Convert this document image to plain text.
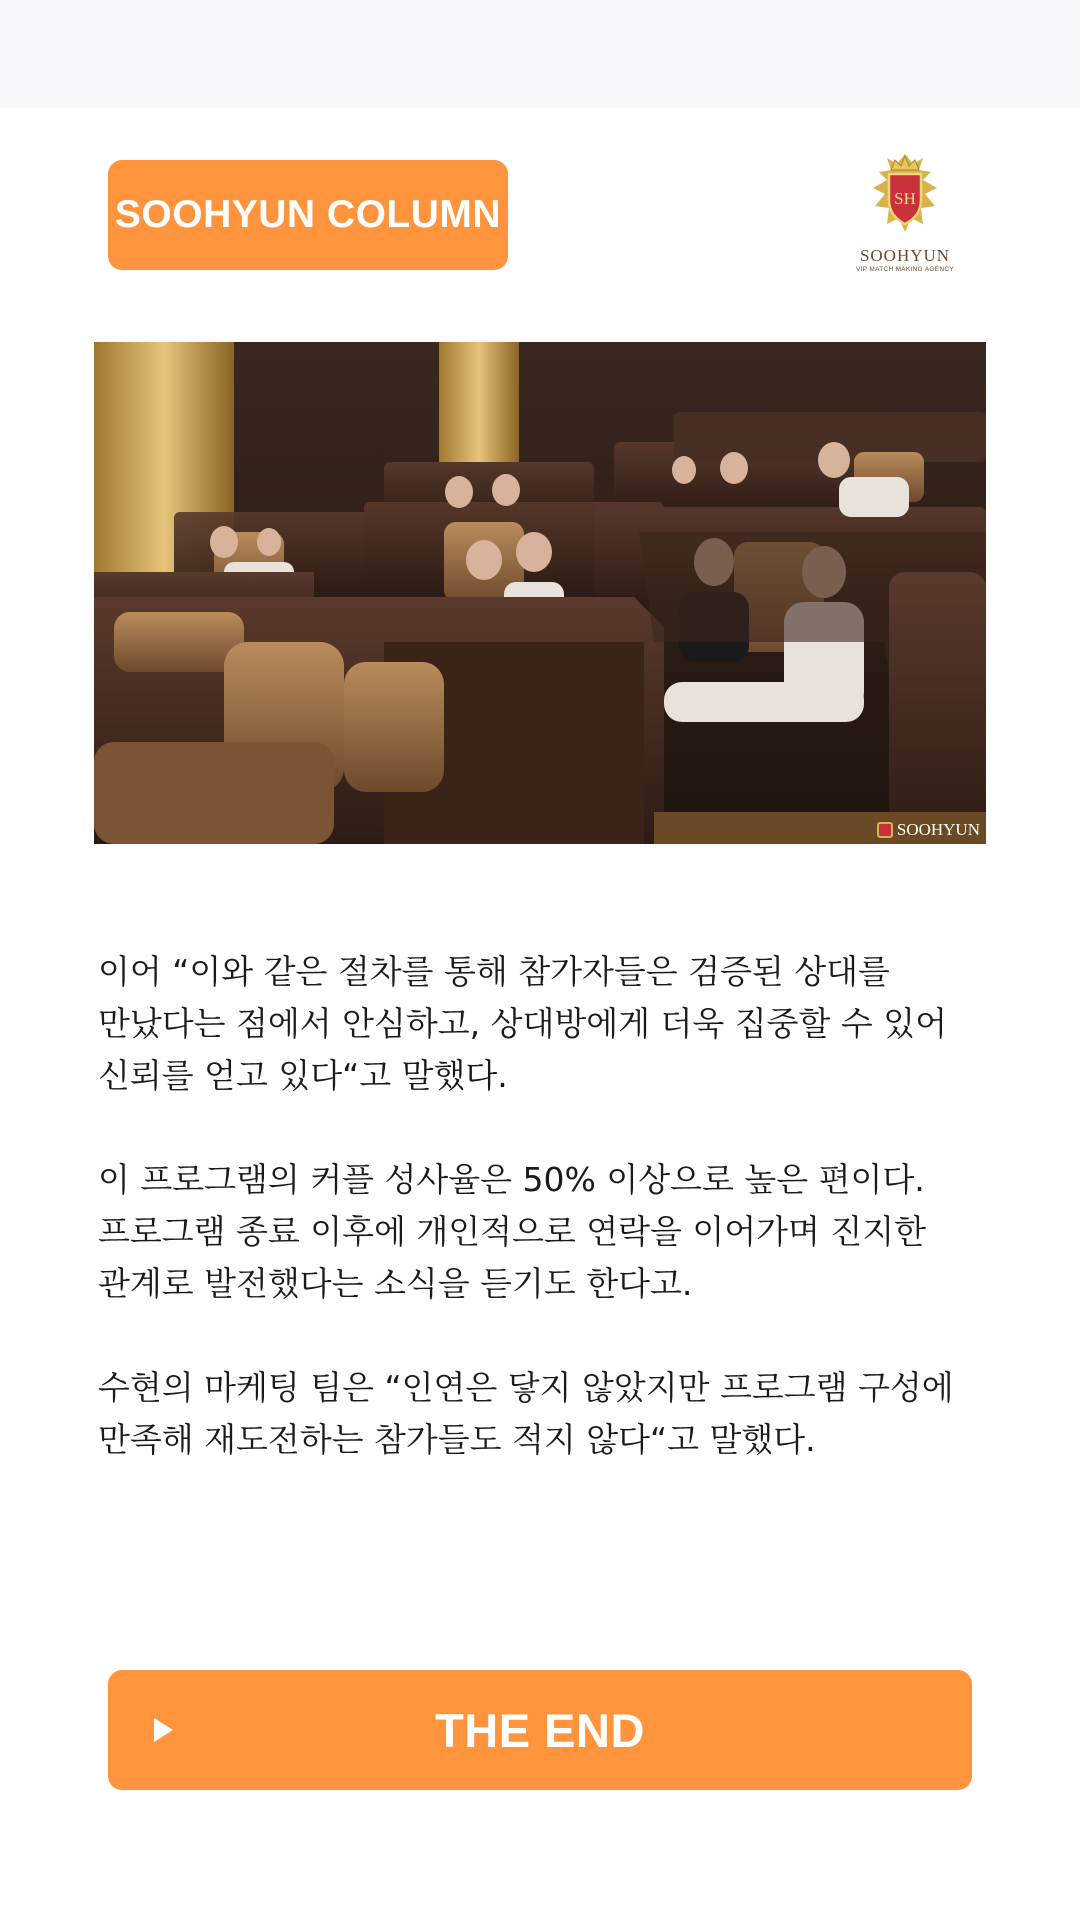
SOOHYUN COLUMN	SH
SOOHYUN
VIP MATCH MAKING AGENCY
SOOHYUN

이어 “이와 같은 절차를 통해 참가자들은 검증된 상대를 만났다는 점에서 안심하고, 상대방에게 더욱 집중할 수 있어 신뢰를 얻고 있다“고 말했다.

이 프로그램의 커플 성사율은 50% 이상으로 높은 편이다. 프로그램 종료 이후에 개인적으로 연락을 이어가며 진지한 관계로 발전했다는 소식을 듣기도 한다고.

수현의 마케팅 팀은 “인연은 닿지 않았지만 프로그램 구성에 만족해 재도전하는 참가들도 적지 않다“고 말했다.

THE END
